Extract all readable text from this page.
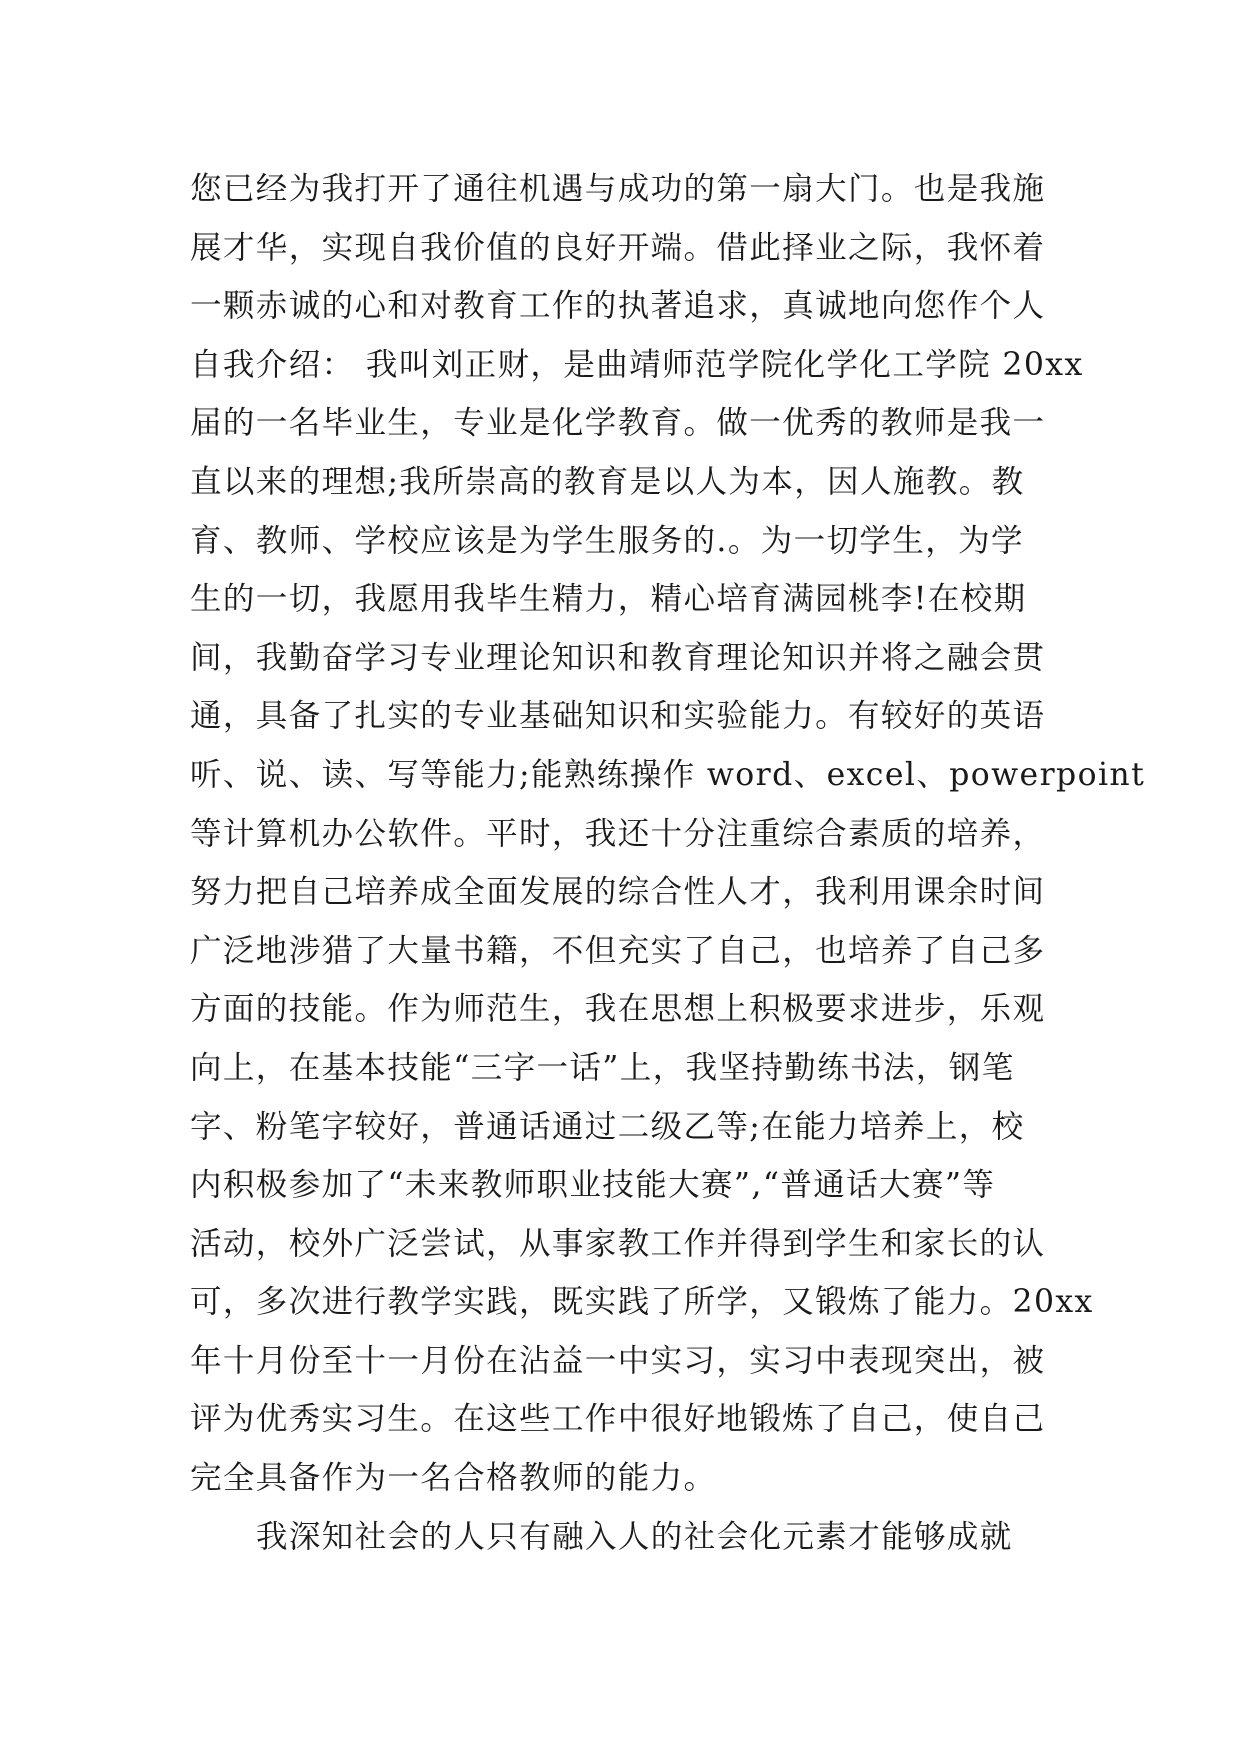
您已经为我打开了通往机遇与成功的第一扇大门。也是我施
展才华，实现自我价值的良好开端。借此择业之际，我怀着
一颗赤诚的心和对教育工作的执著追求，真诚地向您作个人
自我介绍： 我叫刘正财，是曲靖师范学院化学化工学院 20xx
届的一名毕业生，专业是化学教育。做一优秀的教师是我一
直以来的理想;我所崇高的教育是以人为本，因人施教。教
育、教师、学校应该是为学生服务的.。为一切学生，为学
生的一切，我愿用我毕生精力，精心培育满园桃李!在校期
间，我勤奋学习专业理论知识和教育理论知识并将之融会贯
通，具备了扎实的专业基础知识和实验能力。有较好的英语
听、说、读、写等能力;能熟练操作 word、excel、powerpoint
等计算机办公软件。平时，我还十分注重综合素质的培养，
努力把自己培养成全面发展的综合性人才，我利用课余时间
广泛地涉猎了大量书籍，不但充实了自己，也培养了自己多
方面的技能。作为师范生，我在思想上积极要求进步，乐观
向上，在基本技能“三字一话”上，我坚持勤练书法，钢笔
字、粉笔字较好，普通话通过二级乙等;在能力培养上，校
内积极参加了“未来教师职业技能大赛”,“普通话大赛”等
活动，校外广泛尝试，从事家教工作并得到学生和家长的认
可，多次进行教学实践，既实践了所学，又锻炼了能力。20xx
年十月份至十一月份在沾益一中实习，实习中表现突出，被
评为优秀实习生。在这些工作中很好地锻炼了自己，使自己
完全具备作为一名合格教师的能力。
我深知社会的人只有融入人的社会化元素才能够成就
